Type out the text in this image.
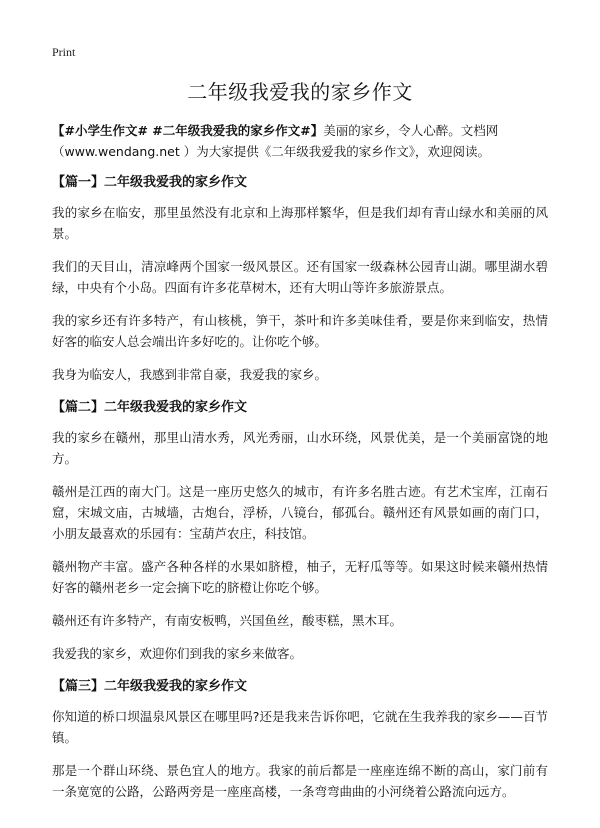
Print
二年级我爱我的家乡作文

【#小学生作文# #二年级我爱我的家乡作文#】美丽的家乡，令人心醉。文档网（www.wendang.net ）为大家提供《二年级我爱我的家乡作文》，欢迎阅读。

【篇一】二年级我爱我的家乡作文

我的家乡在临安，那里虽然没有北京和上海那样繁华，但是我们却有青山绿水和美丽的风景。

我们的天目山，清凉峰两个国家一级风景区。还有国家一级森林公园青山湖。哪里湖水碧绿，中央有个小岛。四面有许多花草树木，还有大明山等许多旅游景点。

我的家乡还有许多特产，有山核桃，笋干，茶叶和许多美味佳肴，要是你来到临安，热情好客的临安人总会端出许多好吃的。让你吃个够。

我身为临安人，我感到非常自豪，我爱我的家乡。

【篇二】二年级我爱我的家乡作文

我的家乡在赣州，那里山清水秀，风光秀丽，山水环绕，风景优美，是一个美丽富饶的地方。

赣州是江西的南大门。这是一座历史悠久的城市，有许多名胜古迹。有艺术宝库，江南石窟，宋城文庙，古城墙，古炮台，浮桥，八镜台，郁孤台。赣州还有风景如画的南门口，小朋友最喜欢的乐园有：宝葫芦农庄，科技馆。

赣州物产丰富。盛产各种各样的水果如脐橙，柚子，无籽瓜等等。如果这时候来赣州热情好客的赣州老乡一定会摘下吃的脐橙让你吃个够。

赣州还有许多特产，有南安板鸭，兴国鱼丝，酸枣糕，黑木耳。

我爱我的家乡，欢迎你们到我的家乡来做客。

【篇三】二年级我爱我的家乡作文

你知道的桥口坝温泉风景区在哪里吗?还是我来告诉你吧，它就在生我养我的家乡——百节镇。

那是一个群山环绕、景色宜人的地方。我家的前后都是一座座连绵不断的高山，家门前有一条宽宽的公路，公路两旁是一座座高楼，一条弯弯曲曲的小河绕着公路流向远方。
